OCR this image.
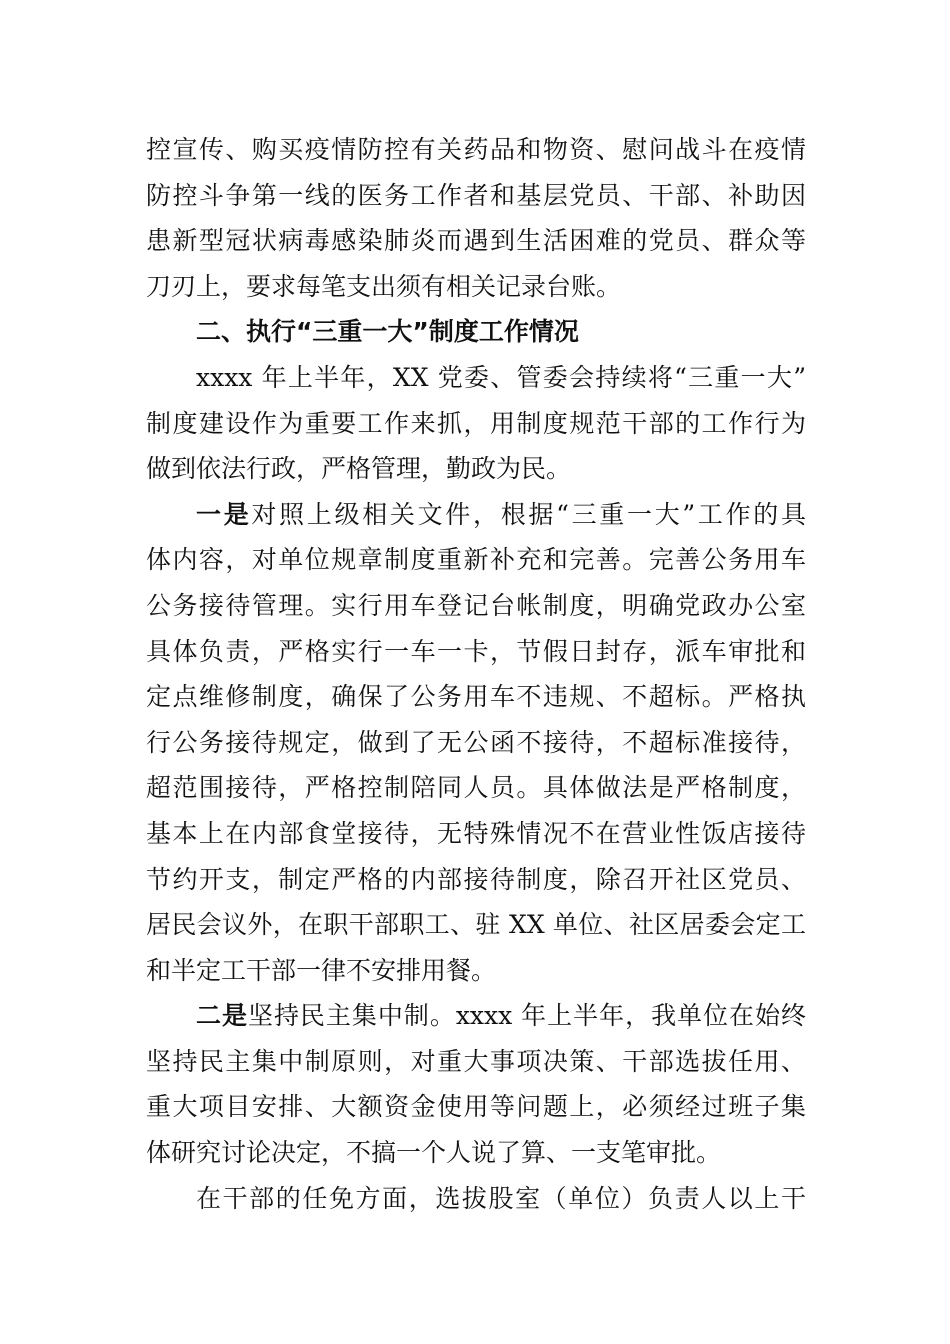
控宣传、购买疫情防控有关药品和物资、慰问战斗在疫情
防控斗争第一线的医务工作者和基层党员、干部、补助因
患新型冠状病毒感染肺炎而遇到生活困难的党员、群众等
刀刃上，要求每笔支出须有相关记录台账。
二、执行“三重一大”制度工作情况
xxxx 年上半年，XX 党委、管委会持续将“三重一大”
制度建设作为重要工作来抓，用制度规范干部的工作行为
做到依法行政，严格管理，勤政为民。
一是对照上级相关文件，根据“三重一大”工作的具
体内容，对单位规章制度重新补充和完善。完善公务用车
公务接待管理。实行用车登记台帐制度，明确党政办公室
具体负责，严格实行一车一卡，节假日封存，派车审批和
定点维修制度，确保了公务用车不违规、不超标。严格执
行公务接待规定，做到了无公函不接待，不超标准接待，
超范围接待，严格控制陪同人员。具体做法是严格制度，
基本上在内部食堂接待，无特殊情况不在营业性饭店接待
节约开支，制定严格的内部接待制度，除召开社区党员、
居民会议外，在职干部职工、驻 XX 单位、社区居委会定工
和半定工干部一律不安排用餐。
二是坚持民主集中制。xxxx 年上半年，我单位在始终
坚持民主集中制原则，对重大事项决策、干部选拔任用、
重大项目安排、大额资金使用等问题上，必须经过班子集
体研究讨论决定，不搞一个人说了算、一支笔审批。
在干部的任免方面，选拔股室（单位）负责人以上干
